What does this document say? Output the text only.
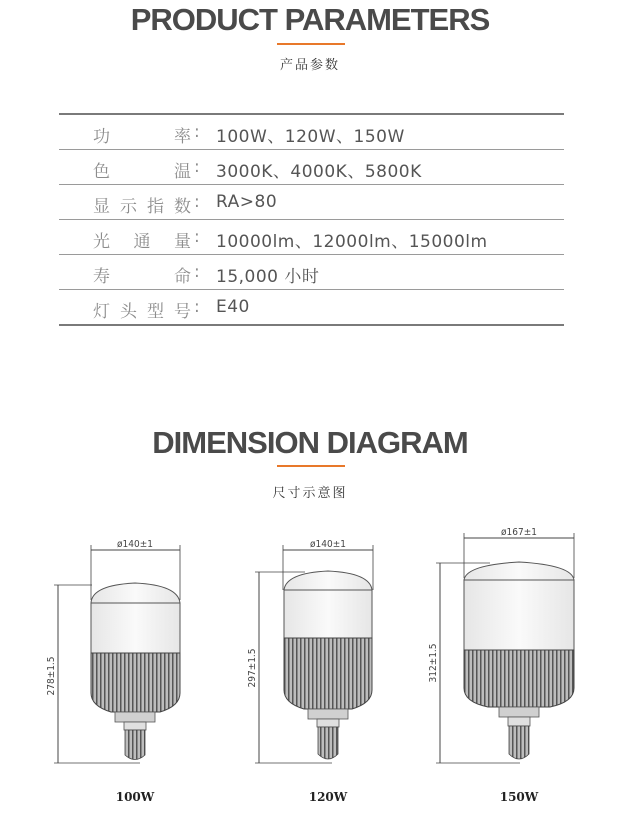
PRODUCT PARAMETERS
产品参数
功率 : 100W、120W、150W
色温 : 3000K、4000K、5800K
显示指数 : RA>80
光通量 : 10000lm、12000lm、15000lm
寿命 : 15,000 小时
灯头型号 : E40
DIMENSION DIAGRAM
尺寸示意图
ø140±1
278±1.5
100W
ø140±1
297±1.5
120W
ø167±1
312±1.5
150W
